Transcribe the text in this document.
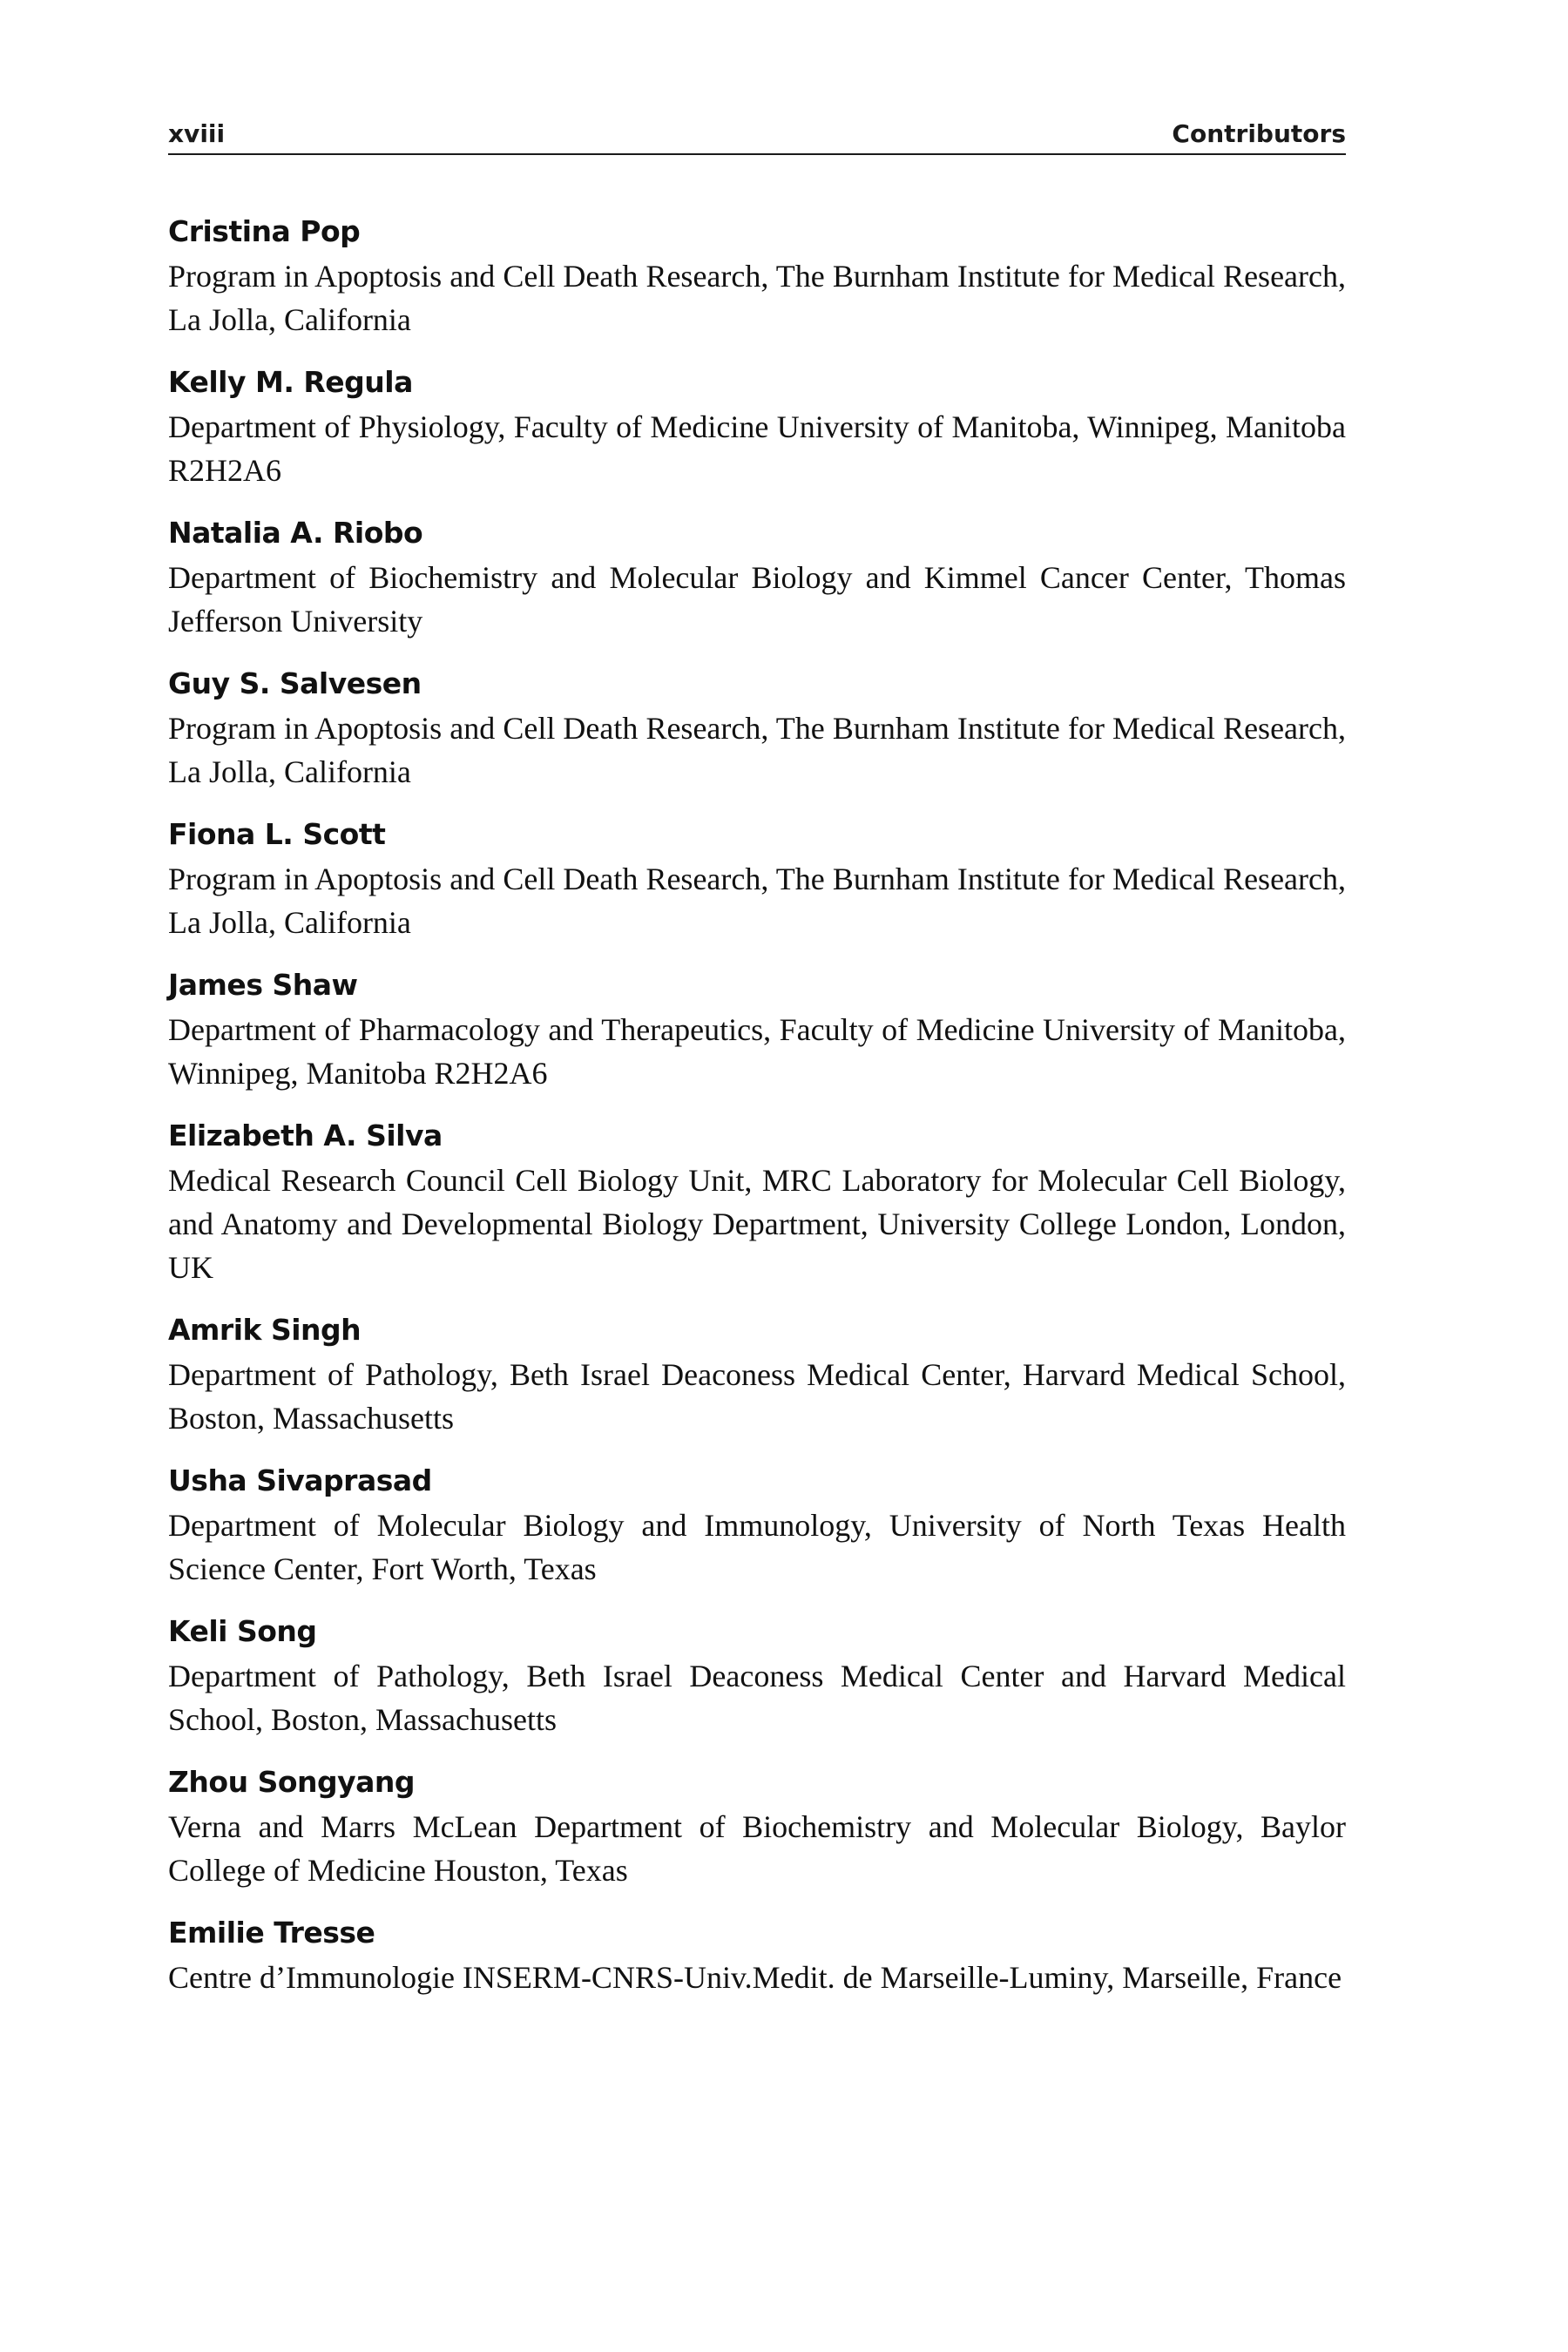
xviii	Contributors
Cristina Pop
Program in Apoptosis and Cell Death Research, The Burnham Institute for Medical Research, La Jolla, California
Kelly M. Regula
Department of Physiology, Faculty of Medicine University of Manitoba, Winnipeg, Manitoba R2H2A6
Natalia A. Riobo
Department of Biochemistry and Molecular Biology and Kimmel Cancer Center, Thomas Jefferson University
Guy S. Salvesen
Program in Apoptosis and Cell Death Research, The Burnham Institute for Medical Research, La Jolla, California
Fiona L. Scott
Program in Apoptosis and Cell Death Research, The Burnham Institute for Medical Research, La Jolla, California
James Shaw
Department of Pharmacology and Therapeutics, Faculty of Medicine University of Manitoba, Winnipeg, Manitoba R2H2A6
Elizabeth A. Silva
Medical Research Council Cell Biology Unit, MRC Laboratory for Molecular Cell Biology, and Anatomy and Developmental Biology Department, University College London, London, UK
Amrik Singh
Department of Pathology, Beth Israel Deaconess Medical Center, Harvard Medical School, Boston, Massachusetts
Usha Sivaprasad
Department of Molecular Biology and Immunology, University of North Texas Health Science Center, Fort Worth, Texas
Keli Song
Department of Pathology, Beth Israel Deaconess Medical Center and Harvard Medical School, Boston, Massachusetts
Zhou Songyang
Verna and Marrs McLean Department of Biochemistry and Molecular Biology, Baylor College of Medicine Houston, Texas
Emilie Tresse
Centre d’Immunologie INSERM-CNRS-Univ.Medit. de Marseille-Luminy, Marseille, France
